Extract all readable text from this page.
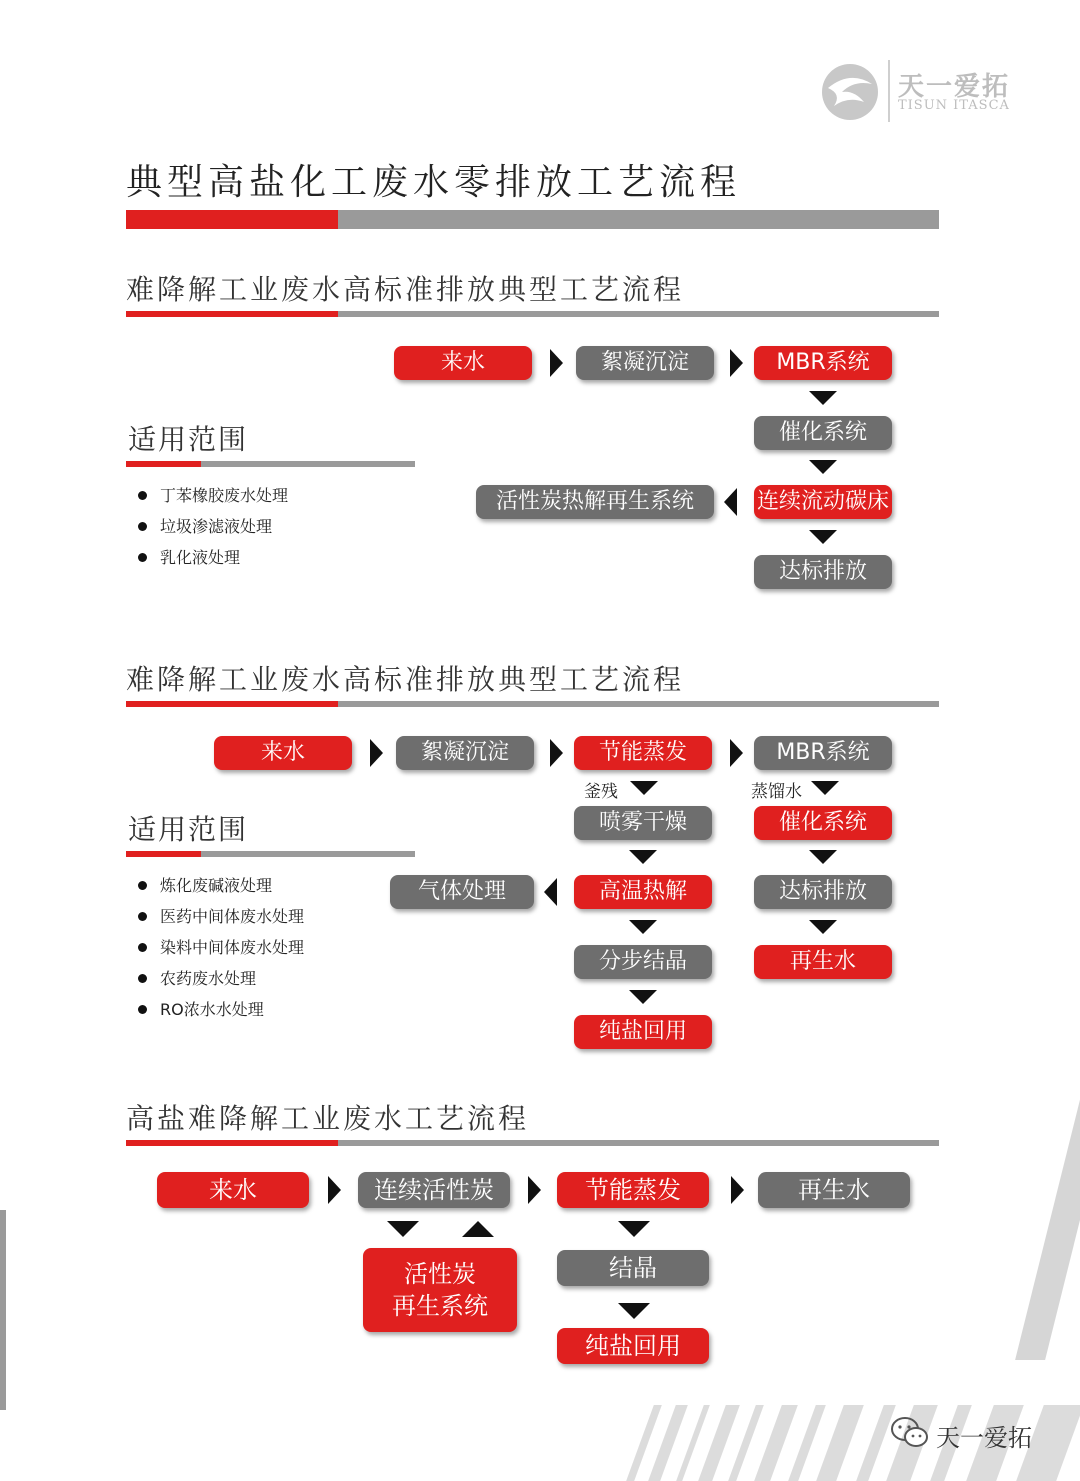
天一爱拓
TISUN ITASCA
典型高盐化工废水零排放工艺流程
难降解工业废水高标准排放典型工艺流程
适用范围
丁苯橡胶废水处理
垃圾渗滤液处理
乳化液处理
来水	絮凝沉淀	MBR系统
催化系统
连续流动碳床
活性炭热解再生系统
达标排放
难降解工业废水高标准排放典型工艺流程
适用范围
炼化废碱液处理
医药中间体废水处理
染料中间体废水处理
农药废水处理
RO浓水水处理
来水	絮凝沉淀	节能蒸发	MBR系统
釜残	蒸馏水
喷雾干燥	催化系统
气体处理	高温热解	达标排放
分步结晶	再生水
纯盐回用
高盐难降解工业废水工艺流程
来水	连续活性炭	节能蒸发	再生水
活性炭
再生系统
结晶
纯盐回用
天一爱拓
